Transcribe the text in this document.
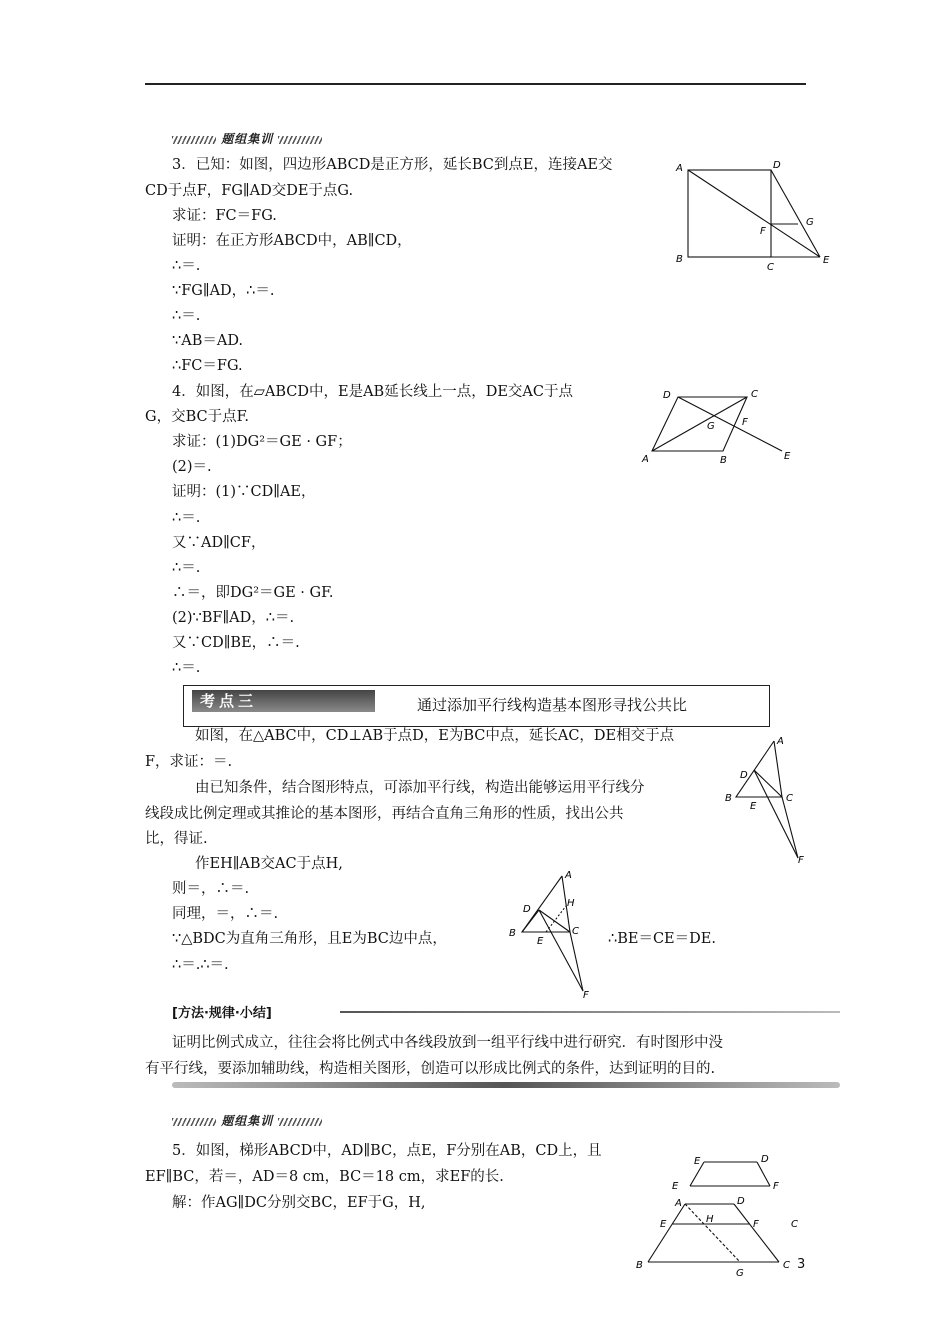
题组集训
3．已知：如图，四边形ABCD是正方形，延长BC到点E，连接AE交
CD于点F，FG∥AD交DE于点G.
求证：FC＝FG.
证明：在正方形ABCD中，AB∥CD，
∴＝.
∵FG∥AD，∴＝.
∴＝.
∵AB＝AD.
∴FC＝FG.
A	D
G
F
B
C
E
4．如图，在▱ABCD中，E是AB延长线上一点，DE交AC于点
G，交BC于点F.
求证：(1)DG²＝GE · GF；
(2)＝.
证明：(1)∵CD∥AE，
∴＝.
又∵AD∥CF，
∴＝.
∴＝，即DG²＝GE · GF.
(2)∵BF∥AD，∴＝.
又∵CD∥BE，∴＝.
∴＝.
D	C
G	F
A	B	E
考点三	通过添加平行线构造基本图形寻找公共比
如图，在△ABC中，CD⊥AB于点D，E为BC中点，延长AC，DE相交于点
F，求证：＝.
由已知条件，结合图形特点，可添加平行线，构造出能够运用平行线分
线段成比例定理或其推论的基本图形，再结合直角三角形的性质，找出公共
比，得证.
作EH∥AB交AC于点H,
则＝，∴＝.
同理，＝，∴＝.
∵△BDC为直角三角形，且E为BC边中点，	∴BE＝CE＝DE.
∴＝.∴＝.
A
D
B
E
C
F
A
H
D
B
E
C
F
[方法·规律·小结]
证明比例式成立，往往会将比例式中各线段放到一组平行线中进行研究．有时图形中没
有平行线，要添加辅助线，构造相关图形，创造可以形成比例式的条件，达到证明的目的.
题组集训
5．如图，梯形ABCD中，AD∥BC，点E，F分别在AB，CD上，且
EF∥BC，若＝，AD＝8 cm，BC＝18 cm，求EF的长.
解：作AG∥DC分别交BC，EF于G，H,
E	D
E	F
A	D
E	H	F	C
B
G
C 3
